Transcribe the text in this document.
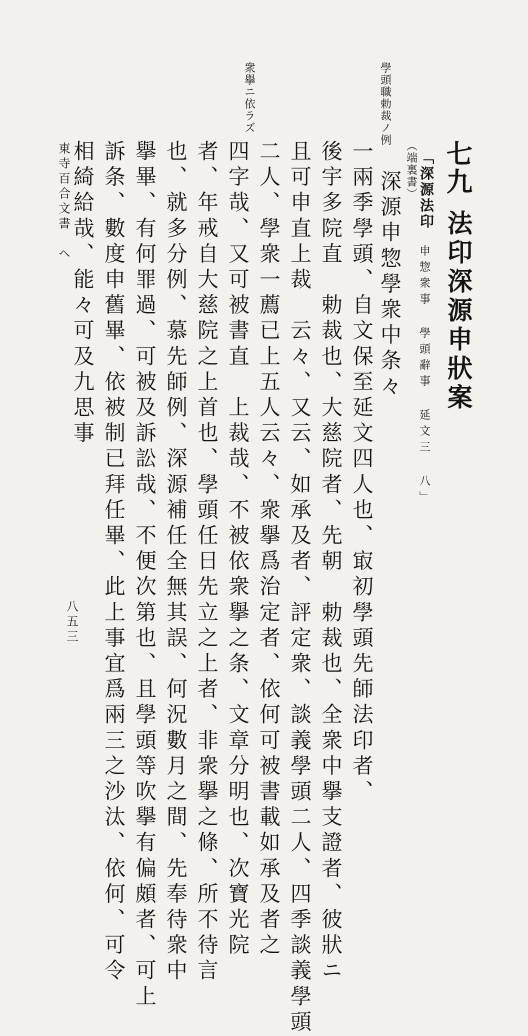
學頭職勅裁ノ例
衆擧ニ依ラズ
七九
法印深源申狀案
（端裏書） 「深源法印
申惣衆事 學頭辭事 延文三 八」
深源申惣學衆中条々
一兩季學頭、自文保至延文四人也、㝡初學頭先師法印者、
後宇多院直　勅裁也、大慈院者、先朝　勅裁也、全衆中擧支證者、彼狀ニ
且可申直上裁　云々、又云、如承及者、評定衆、談義學頭二人、四季談義學頭
二人、學衆一薦已上五人云々、衆擧爲治定者、依何可被書載如承及者之
四字哉、又可被書直　上裁哉、不被依衆擧之条、文章分明也、次寶光院
者、年戒自大慈院之上首也、學頭任日先立之上者、非衆擧之條、所不待言
也、就多分例、慕先師例、深源補任全無其誤、何況數月之間、先奉待衆中
擧畢、有何罪過、可被及訴訟哉、不便次第也、且學頭等吹擧有偏頗者、可上
訴条、數度申舊畢、依被制已拜任畢、此上事宜爲兩三之沙汰、依何、可令
相綺給哉、能々可及九思事
東寺百合文書　ヘ
八五三
